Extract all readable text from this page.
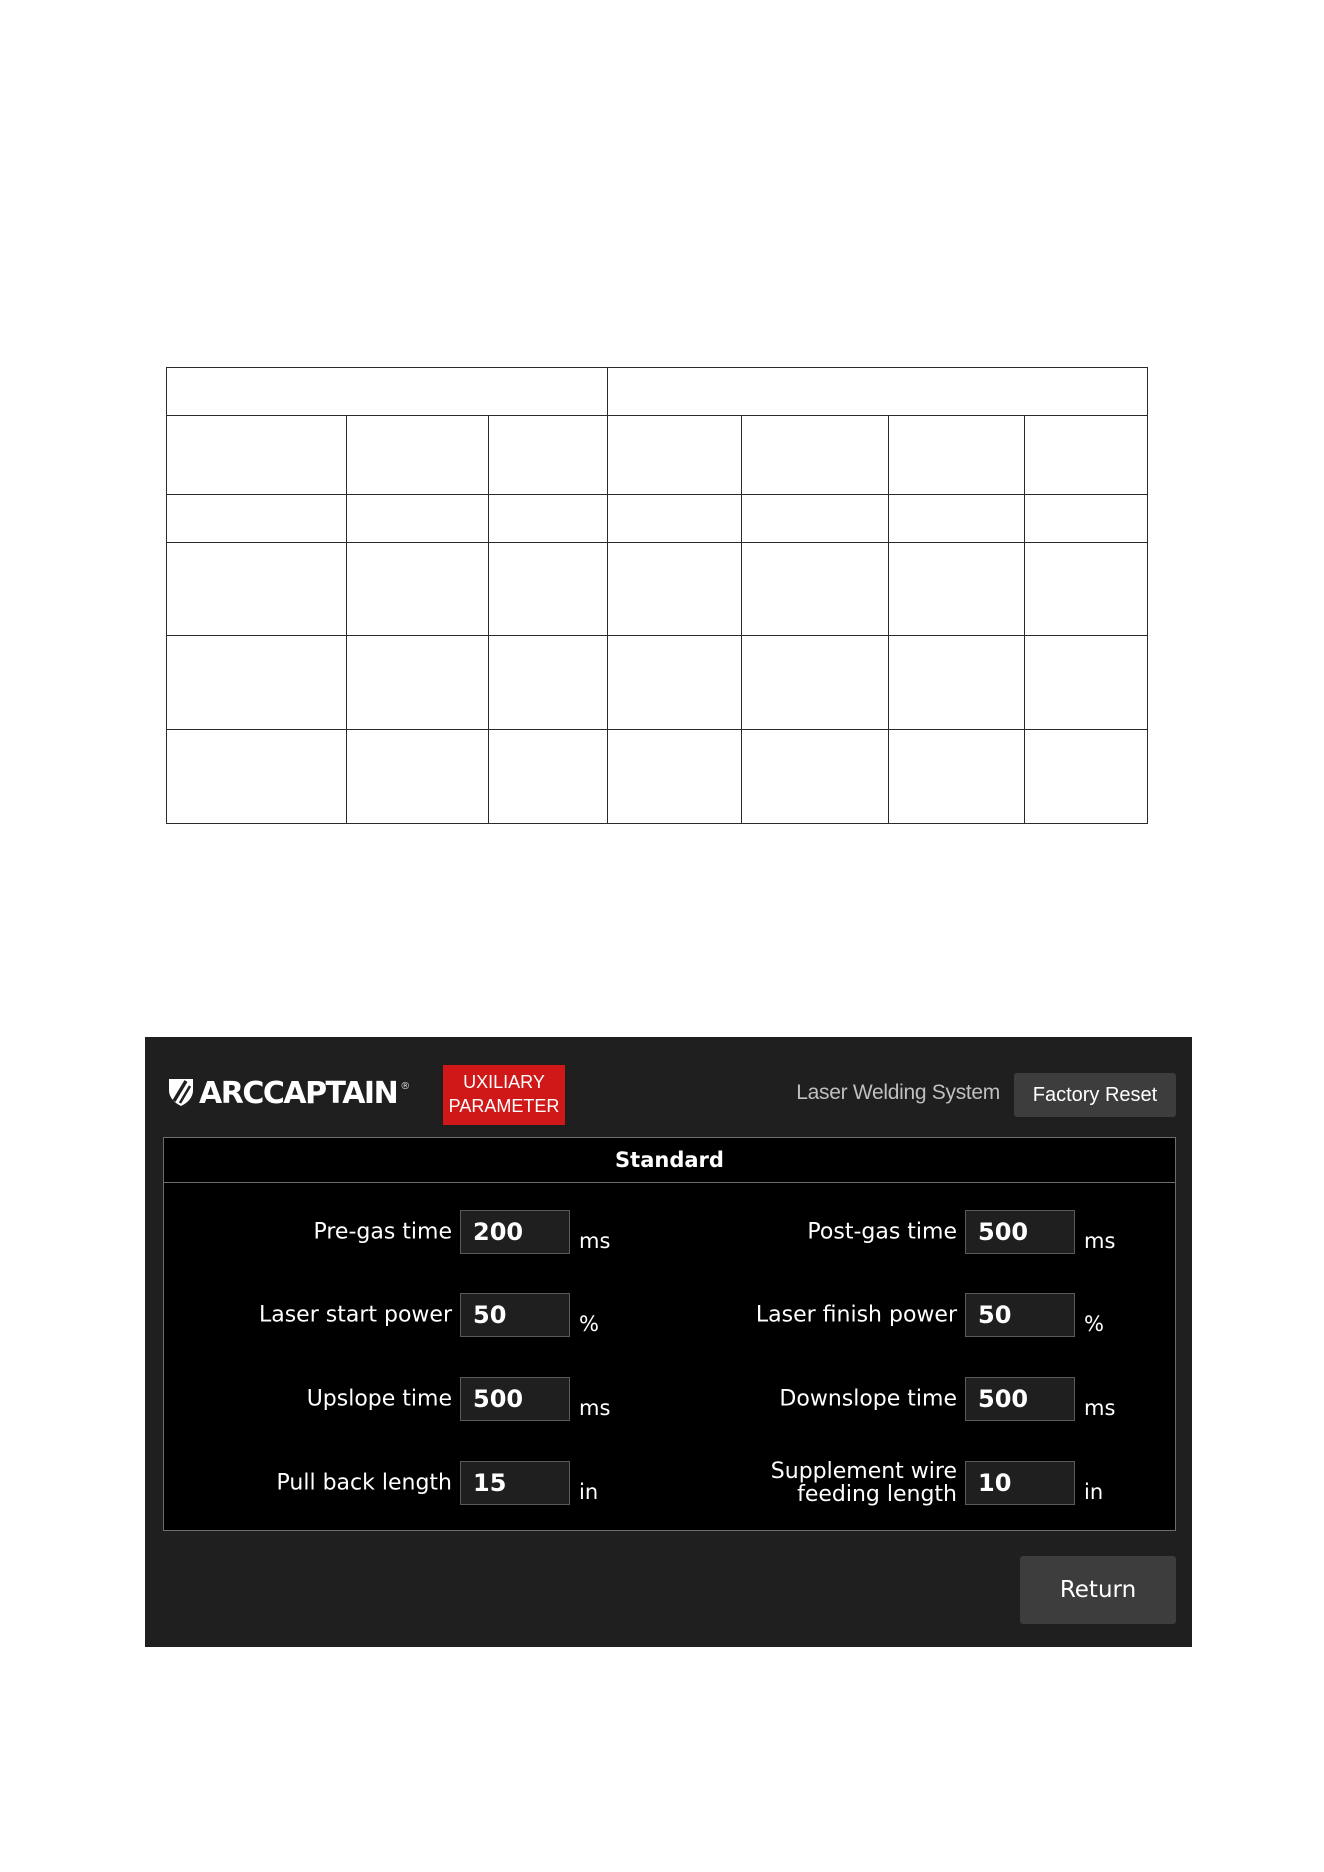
ARCCAPTAIN ®	UXILIARY
PARAMETER
Laser Welding System	Factory Reset
Standard
Pre-gas time
200	ms
Laser start power
50	%
Upslope time
500	ms
Pull back length
15	in
Post-gas time
500	ms
Laser finish power
50	%
Downslope time
500	ms
Supplement wire feeding length
10	in
Return
